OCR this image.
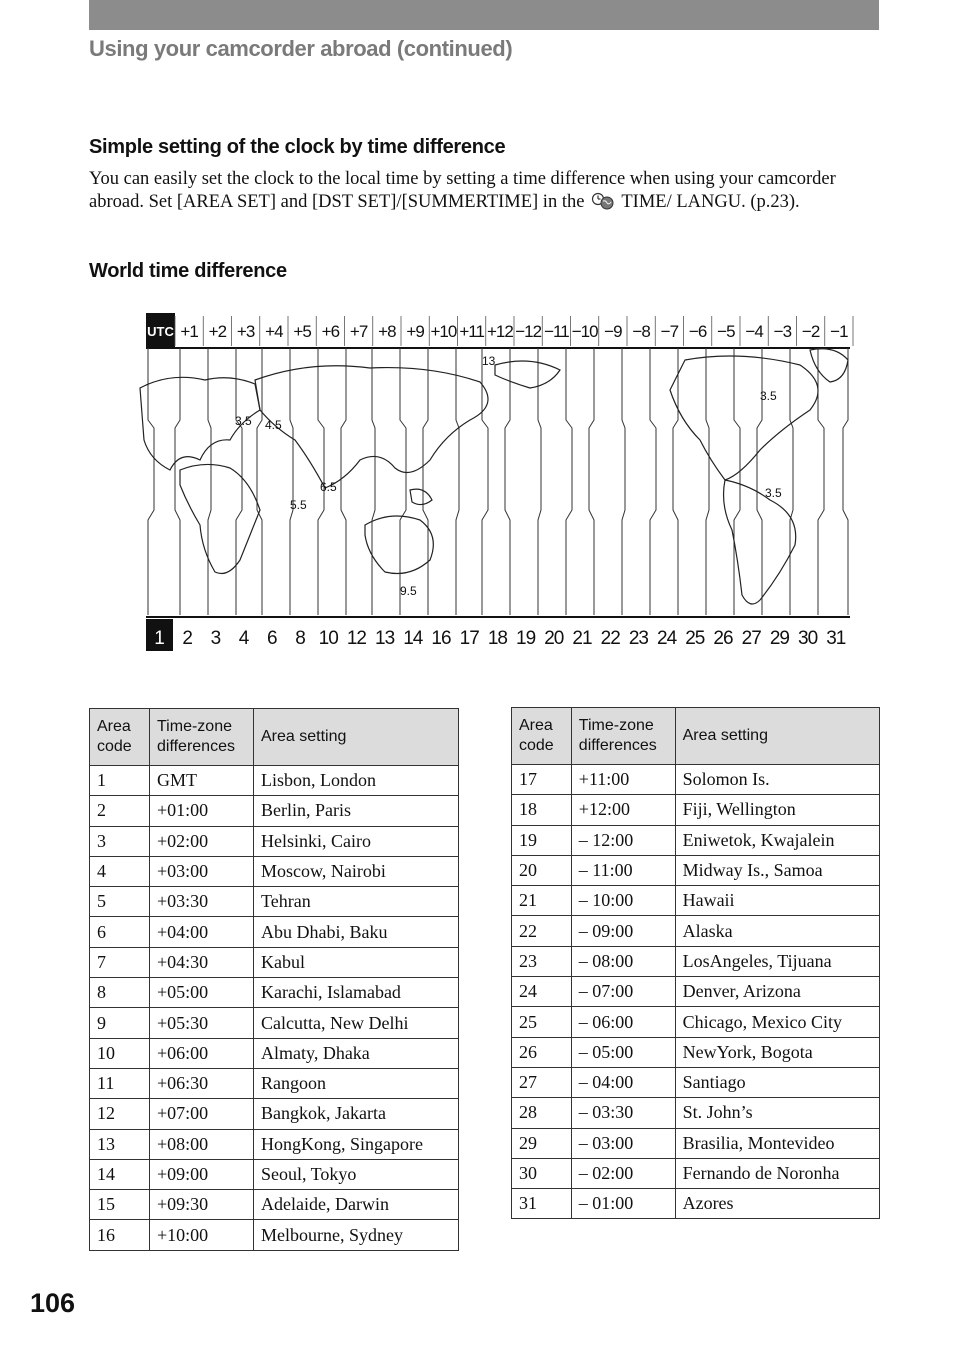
Using your camcorder abroad (continued)
Simple setting of the clock by time difference
You can easily set the clock to the local time by setting a time difference when using your camcorder abroad. Set [AREA SET] and [DST SET]/[SUMMERTIME] in the TIME/ LANGU. (p.23).
World time difference
UTC +1 +2 +3 +4 +5 +6 +7 +8 +9 +10 +11 +12 −12 −11 −10 −9 −8 −7 −6 −5 −4 −3 −2 −1
3.5 4.5
5.5
6.5
9.5
13
3.5
3.5
1 2 3 4 6 8 10 12 13 14 16 17 18 19 20 21 22 23 24 25 26 27 29 30 31
Area code	Time-zone differences	Area setting
1	GMT	Lisbon, London
2	+01:00	Berlin, Paris
3	+02:00	Helsinki, Cairo
4	+03:00	Moscow, Nairobi
5	+03:30	Tehran
6	+04:00	Abu Dhabi, Baku
7	+04:30	Kabul
8	+05:00	Karachi, Islamabad
9	+05:30	Calcutta, New Delhi
10	+06:00	Almaty, Dhaka
11	+06:30	Rangoon
12	+07:00	Bangkok, Jakarta
13	+08:00	HongKong, Singapore
14	+09:00	Seoul, Tokyo
15	+09:30	Adelaide, Darwin
16	+10:00	Melbourne, Sydney
Area code	Time-zone differences	Area setting
17	+11:00	Solomon Is.
18	+12:00	Fiji, Wellington
19	– 12:00	Eniwetok, Kwajalein
20	– 11:00	Midway Is., Samoa
21	– 10:00	Hawaii
22	– 09:00	Alaska
23	– 08:00	LosAngeles, Tijuana
24	– 07:00	Denver, Arizona
25	– 06:00	Chicago, Mexico City
26	– 05:00	NewYork, Bogota
27	– 04:00	Santiago
28	– 03:30	St. John’s
29	– 03:00	Brasilia, Montevideo
30	– 02:00	Fernando de Noronha
31	– 01:00	Azores
106
